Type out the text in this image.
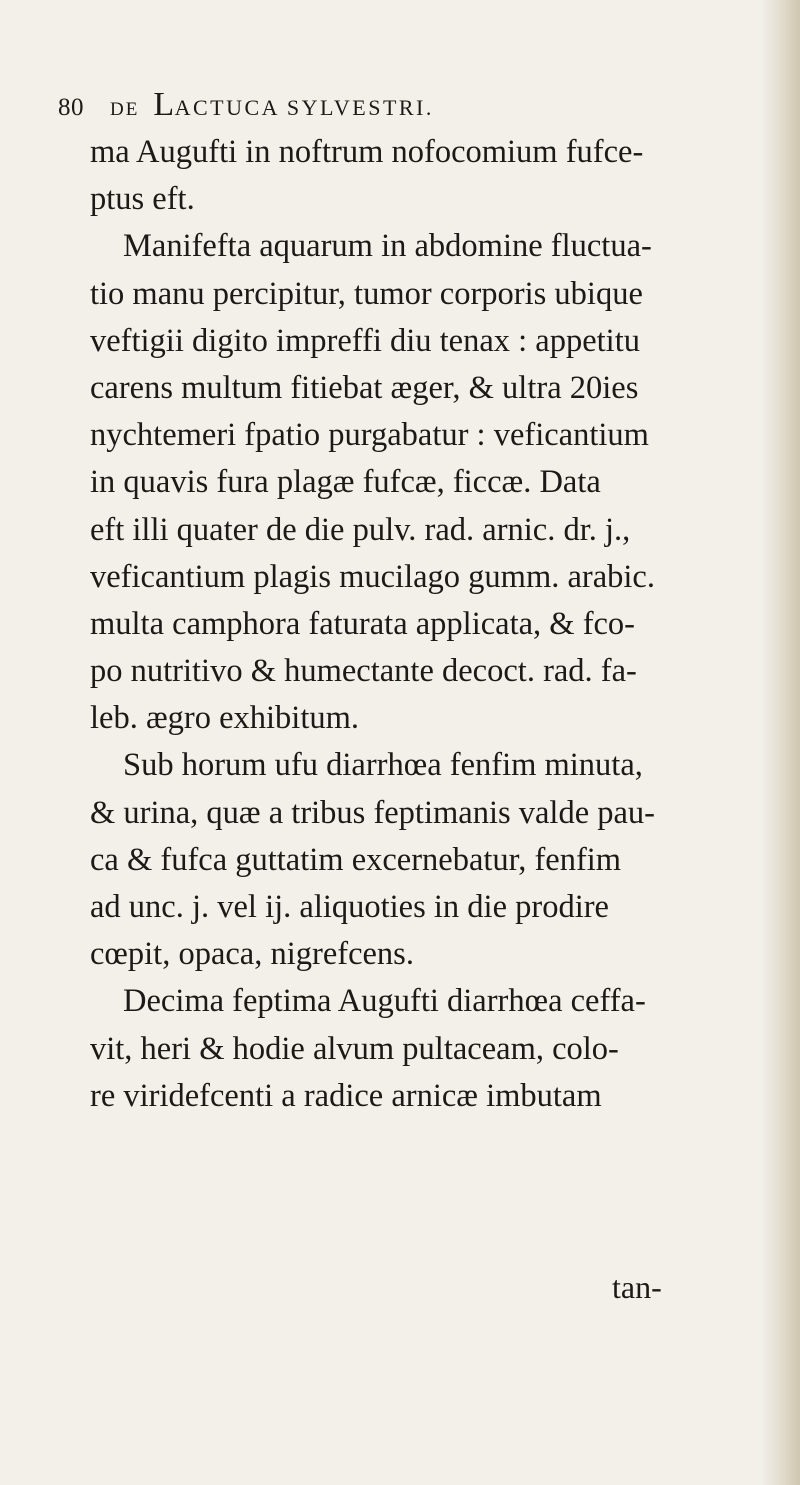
80 DE LACTUCA SYLVESTRI.
ma Augufti in noftrum nofocomium fufce-
ptus eft.
Manifefta aquarum in abdomine fluctua-
tio manu percipitur, tumor corporis ubique
veftigii digito impreffi diu tenax : appetitu
carens multum fitiebat æger, & ultra 20ies
nychtemeri fpatio purgabatur : veficantium
in quavis fura plagæ fufcæ, ficcæ. Data
eft illi quater de die pulv. rad. arnic. dr. j.,
veficantium plagis mucilago gumm. arabic.
multa camphora faturata applicata, & fco-
po nutritivo & humectante decoct. rad. fa-
leb. ægro exhibitum.
Sub horum ufu diarrhœa fenfim minuta,
& urina, quæ a tribus feptimanis valde pau-
ca & fufca guttatim excernebatur, fenfim
ad unc. j. vel ij. aliquoties in die prodire
cœpit, opaca, nigrefcens.
Decima feptima Augufti diarrhœa ceffa-
vit, heri & hodie alvum pultaceam, colo-
re viridefcenti a radice arnicæ imbutam
tan-
